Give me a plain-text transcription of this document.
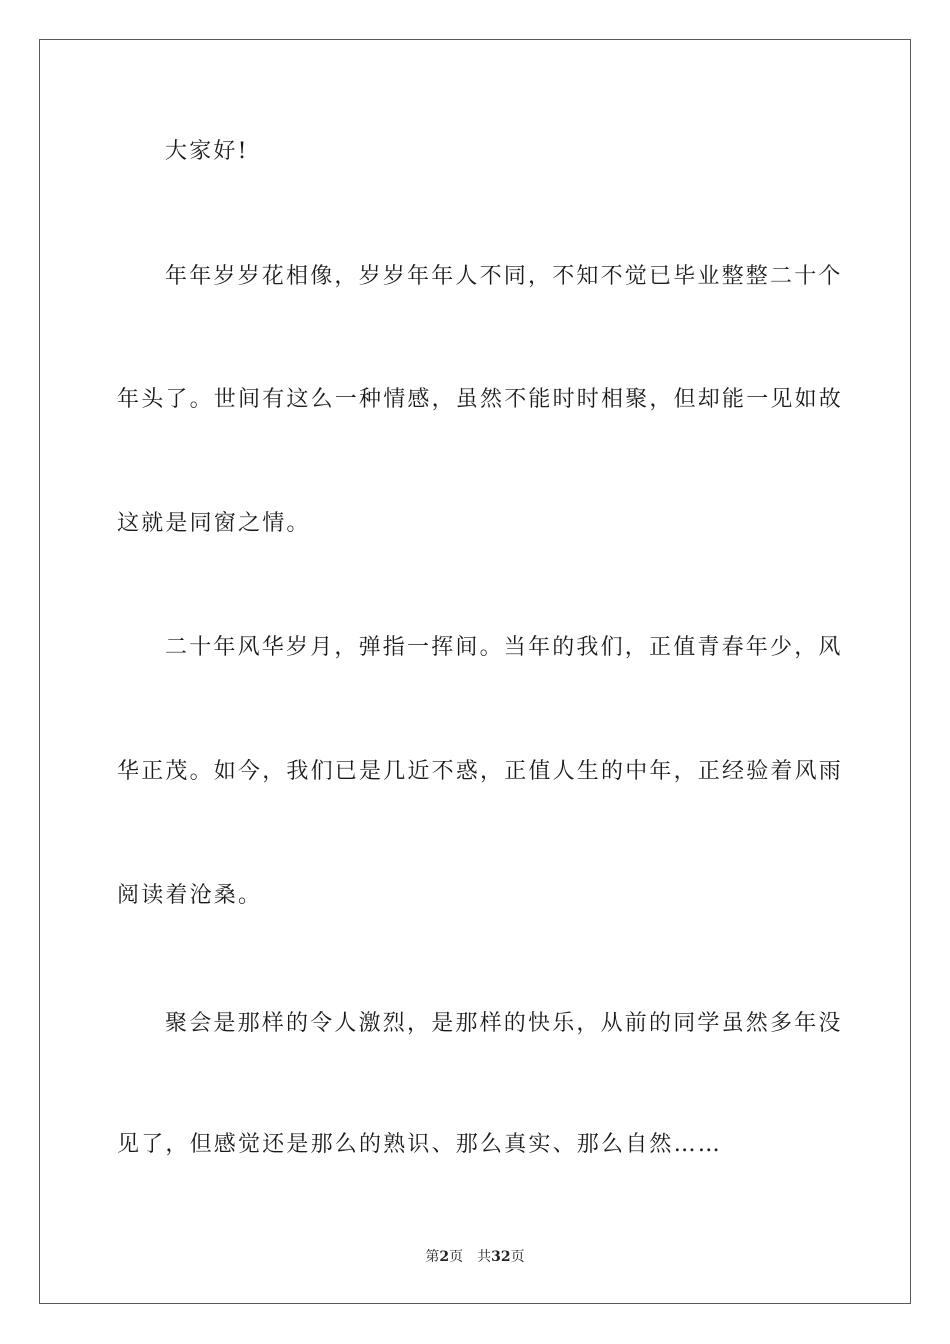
大家好!
年年岁岁花相像，岁岁年年人不同，不知不觉已毕业整整二十个
年头了。世间有这么一种情感，虽然不能时时相聚，但却能一见如故
这就是同窗之情。
二十年风华岁月，弹指一挥间。当年的我们，正值青春年少，风
华正茂。如今，我们已是几近不惑，正值人生的中年，正经验着风雨
阅读着沧桑。
聚会是那样的令人激烈，是那样的快乐，从前的同学虽然多年没
见了，但感觉还是那么的熟识、那么真实、那么自然……
第2页 共32页
